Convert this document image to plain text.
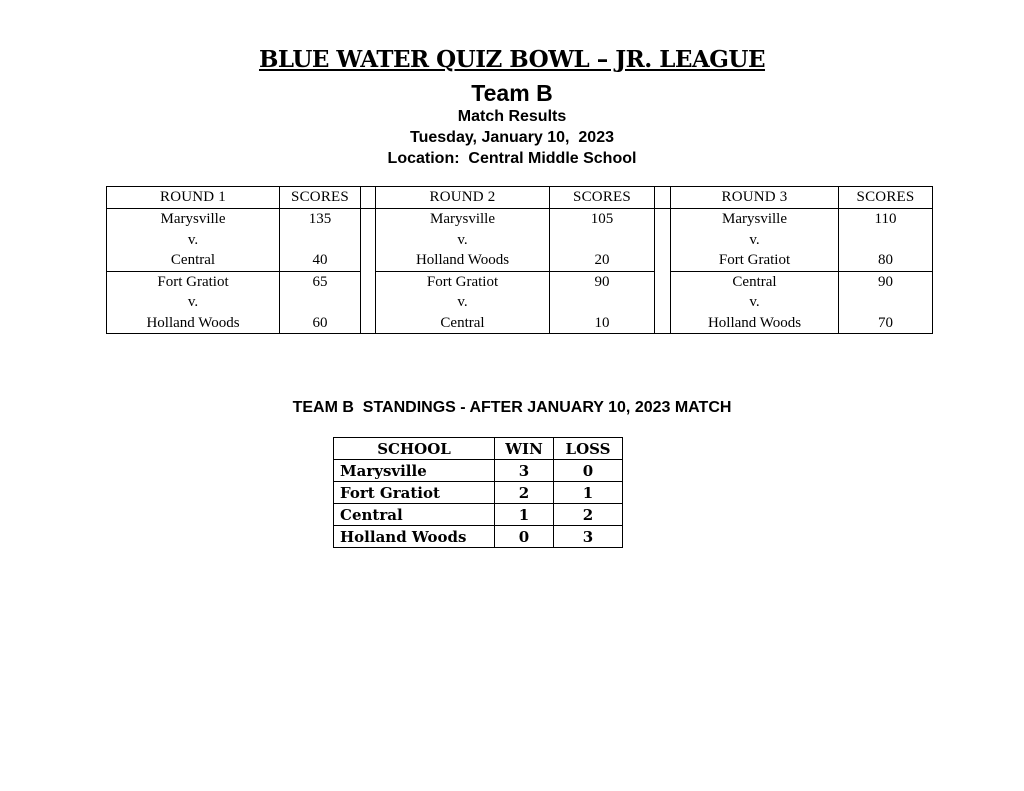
BLUE WATER QUIZ BOWL – JR. LEAGUE
Team B
Match Results
Tuesday, January 10,  2023
Location:  Central Middle School
ROUND 1	SCORES		ROUND 2	SCORES		ROUND 3	SCORES
Marysville	135		Marysville	105		Marysville	110
v.			v.			v.	
Central	40		Holland Woods	20		Fort Gratiot	80
Fort Gratiot	65		Fort Gratiot	90		Central	90
v.			v.			v.	
Holland Woods	60		Central	10		Holland Woods	70
TEAM B  STANDINGS - AFTER JANUARY 10, 2023 MATCH
SCHOOL	WIN	LOSS
Marysville	3	0
Fort Gratiot	2	1
Central	1	2
Holland Woods	0	3
